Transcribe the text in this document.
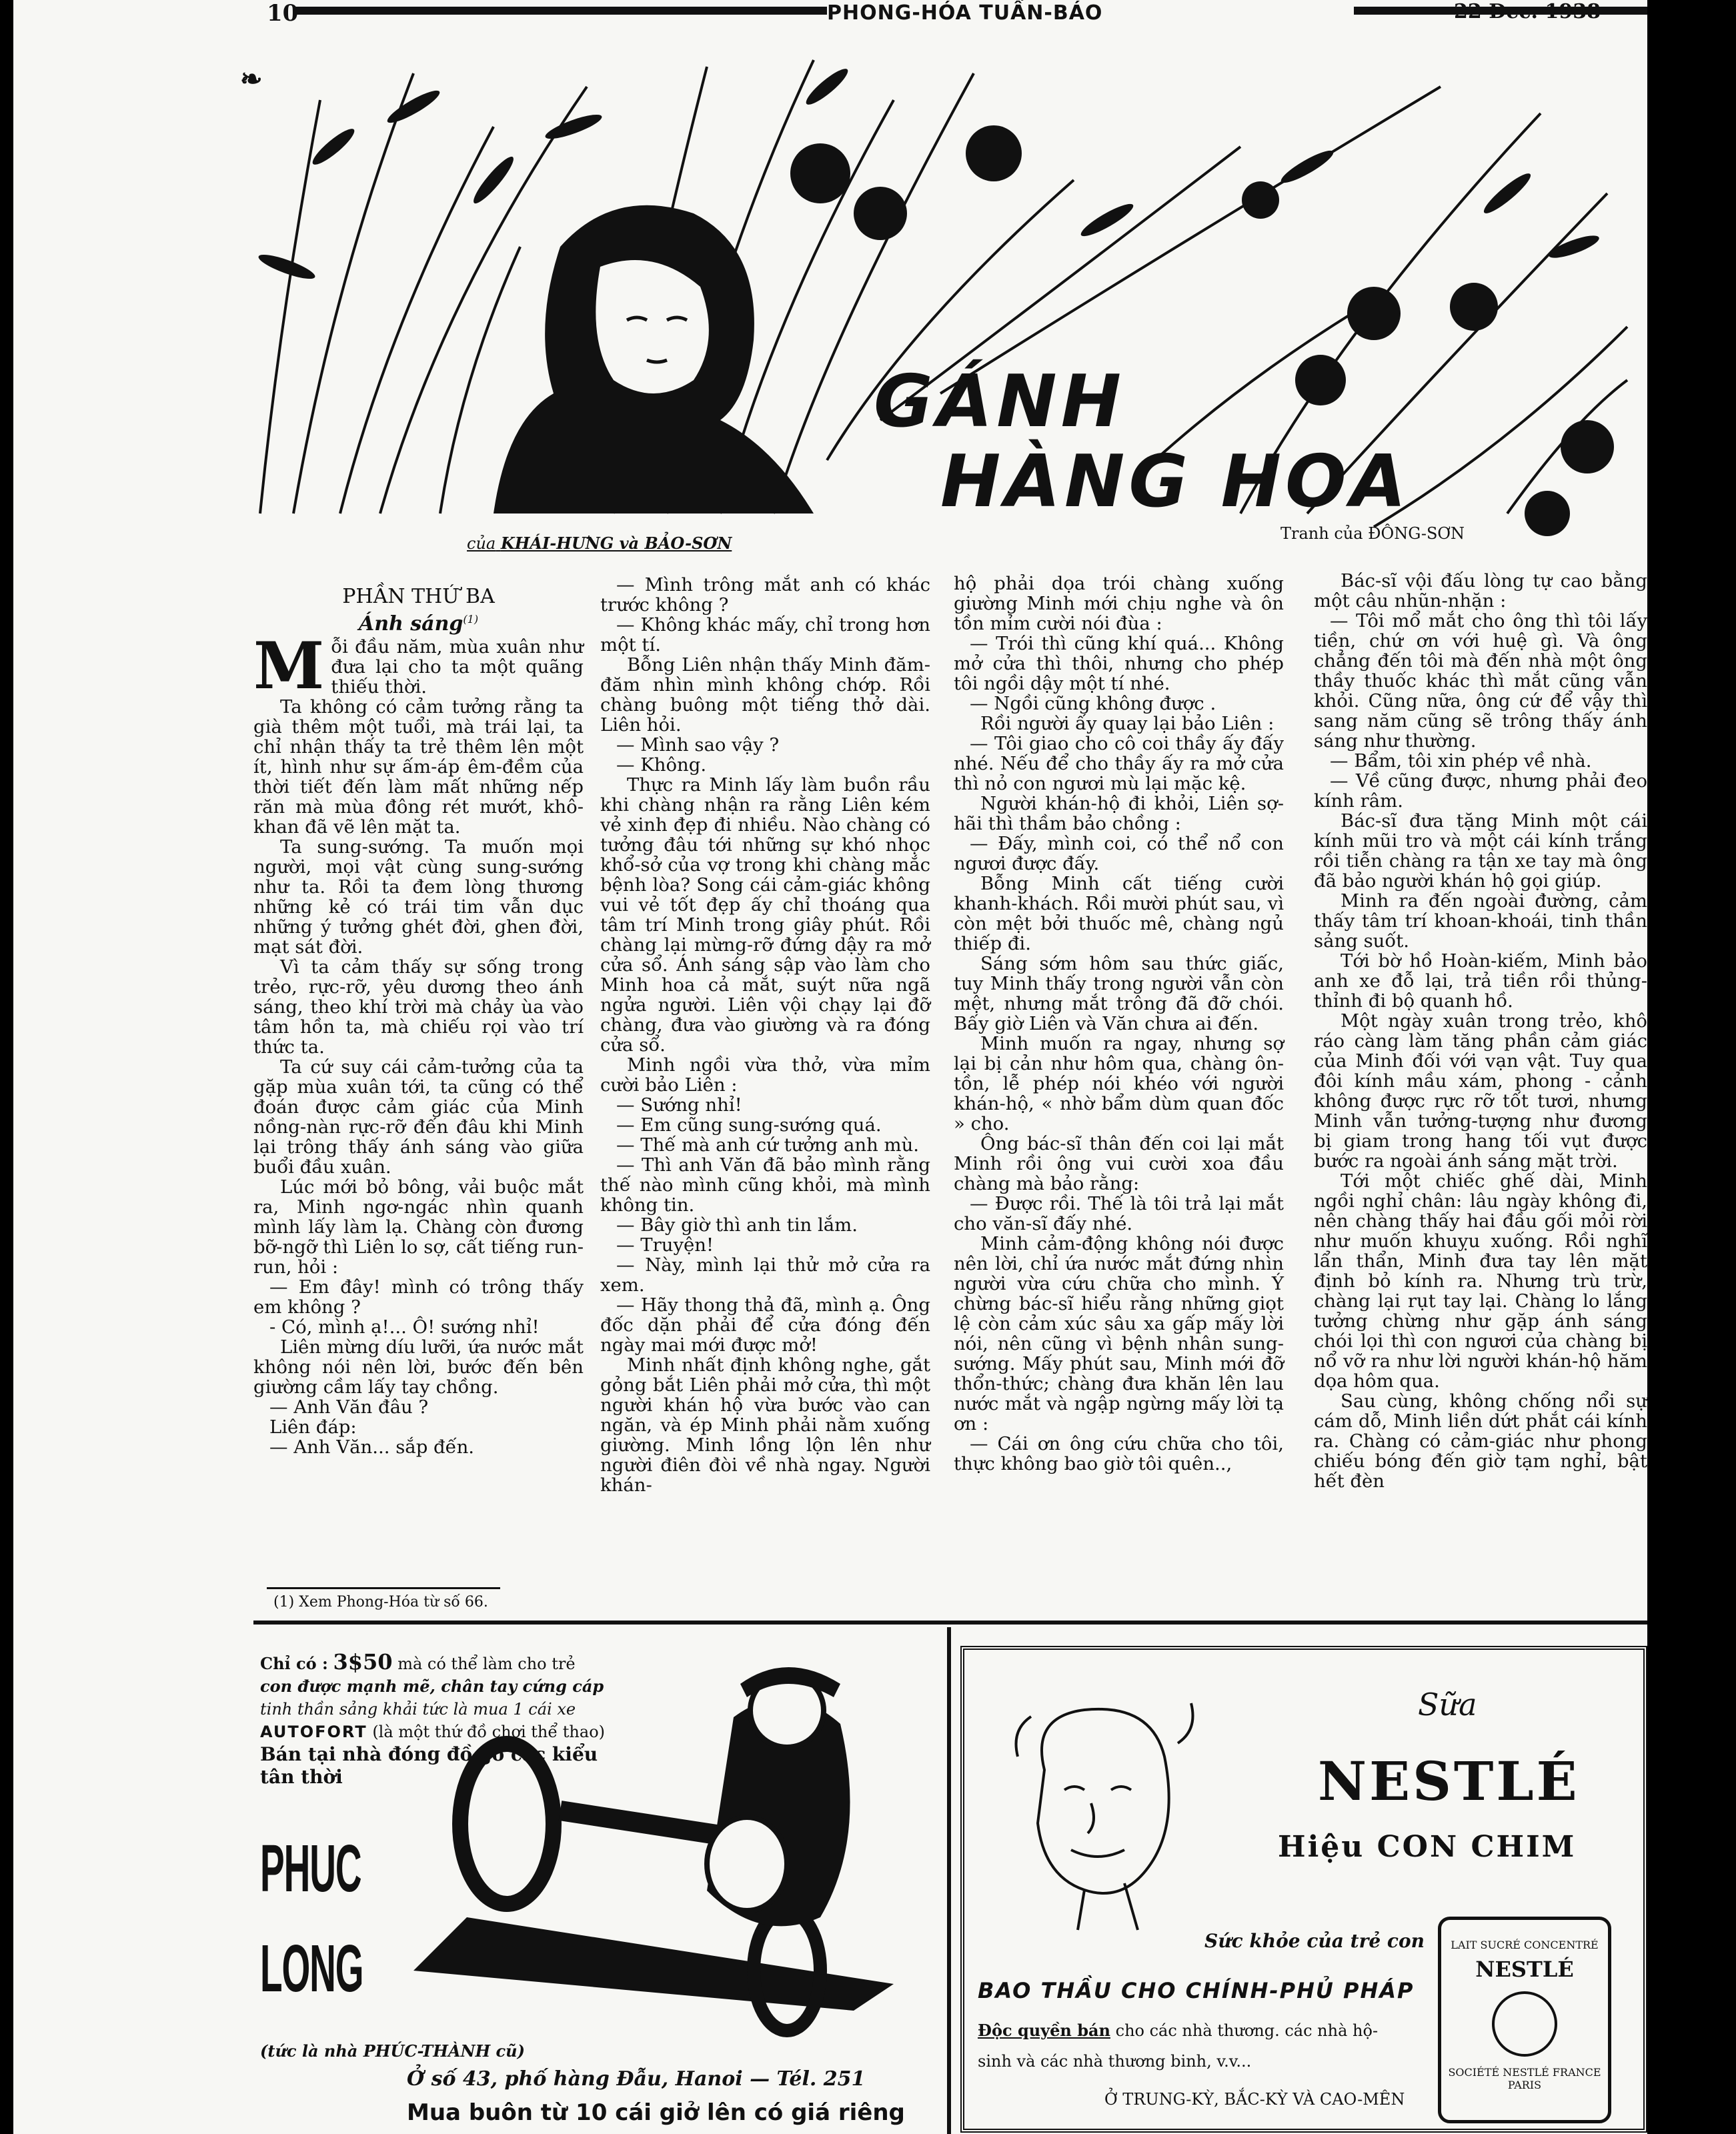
10	PHONG-HÓA TUẦN-BÁO	22 Dec. 1938
❧
GÁNH
HÀNG HOA
của KHÁI-HƯNG và BẢO-SƠN	Tranh của ĐÔNG-SƠN
PHẦN THỨ BA
Ánh sáng$^{(1)}$

Mỗi đầu năm, mùa xuân như đưa lại cho ta một quãng thiếu thời.

Ta không có cảm tưởng rằng ta già thêm một tuổi, mà trái lại, ta chỉ nhận thấy ta trẻ thêm lên một ít, hình như sự ấm-áp êm-đềm của thời tiết đến làm mất những nếp răn mà mùa đông rét mướt, khô-khan đã vẽ lên mặt ta.

Ta sung-sướng. Ta muốn mọi người, mọi vật cùng sung-sướng như ta. Rồi ta đem lòng thương những kẻ có trái tim vẫn dục những ý tưởng ghét đời, ghen đời, mạt sát đời.

Vì ta cảm thấy sự sống trong trẻo, rực-rỡ, yêu dương theo ánh sáng, theo khí trời mà chảy ùa vào tâm hồn ta, mà chiếu rọi vào trí thức ta.

Ta cứ suy cái cảm-tưởng của ta gặp mùa xuân tới, ta cũng có thể đoán được cảm giác của Minh nồng-nàn rực-rỡ đến đâu khi Minh lại trông thấy ánh sáng vào giữa buổi đầu xuân.

Lúc mới bỏ bông, vải buộc mắt ra, Minh ngơ-ngác nhìn quanh mình lấy làm lạ. Chàng còn đương bỡ-ngỡ thì Liên lo sợ, cất tiếng run-run, hỏi :

— Em đây! mình có trông thấy em không ?

- Có, mình ạ!... Ô! sướng nhỉ!

Liên mừng díu lưỡi, ứa nước mắt không nói nên lời, bước đến bên giường cầm lấy tay chồng.

— Anh Văn đâu ?

Liên đáp:

— Anh Văn... sắp đến.

— Mình trông mắt anh có khác trước không ?

— Không khác mấy, chỉ trong hơn một tí.

Bỗng Liên nhận thấy Minh đăm-đăm nhìn mình không chớp. Rồi chàng buông một tiếng thở dài. Liên hỏi.

— Mình sao vậy ?

— Không.

Thực ra Minh lấy làm buồn rầu khi chàng nhận ra rằng Liên kém vẻ xinh đẹp đi nhiều. Nào chàng có tưởng đâu tới những sự khó nhọc khổ-sở của vợ trong khi chàng mắc bệnh lòa? Song cái cảm-giác không vui vẻ tốt đẹp ấy chỉ thoáng qua tâm trí Minh trong giây phút. Rồi chàng lại mừng-rỡ đứng dậy ra mở cửa sổ. Ánh sáng sập vào làm cho Minh hoa cả mắt, suýt nữa ngã ngửa người. Liên vội chạy lại đỡ chàng, đưa vào giường và ra đóng cửa sổ.

Minh ngồi vừa thở, vừa mỉm cười bảo Liên :

— Sướng nhỉ!

— Em cũng sung-sướng quá.

— Thế mà anh cứ tưởng anh mù.

— Thì anh Văn đã bảo mình rằng thế nào mình cũng khỏi, mà mình không tin.

— Bây giờ thì anh tin lắm.

— Truyện!

— Này, mình lại thử mở cửa ra xem.

— Hãy thong thả đã, mình ạ. Ông đốc dặn phải để cửa đóng đến ngày mai mới được mở!

Minh nhất định không nghe, gắt gỏng bắt Liên phải mở cửa, thì một người khán hộ vừa bước vào can ngăn, và ép Minh phải nằm xuống giường. Minh lồng lộn lên như người điên đòi về nhà ngay. Người khán-

hộ phải dọa trói chàng xuống giường Minh mới chịu nghe và ôn tồn mỉm cười nói đùa :

— Trói thì cũng khí quá... Không mở cửa thì thôi, nhưng cho phép tôi ngồi dậy một tí nhé.

— Ngồi cũng không được .

Rồi người ấy quay lại bảo Liên :

— Tôi giao cho cô coi thầy ấy đấy nhé. Nếu để cho thầy ấy ra mở cửa thì nỏ con ngươi mù lại mặc kệ.

Người khán-hộ đi khỏi, Liên sợ-hãi thì thầm bảo chồng :

— Đấy, mình coi, có thể nổ con ngươi được đấy.

Bỗng Minh cất tiếng cười khanh-khách. Rồi mười phút sau, vì còn mệt bởi thuốc mê, chàng ngủ thiếp đi.

Sáng sớm hôm sau thức giấc, tuy Minh thấy trong người vẫn còn mệt, nhưng mắt trông đã đỡ chói. Bấy giờ Liên và Văn chưa ai đến.

Minh muốn ra ngay, nhưng sợ lại bị cản như hôm qua, chàng ôn-tồn, lễ phép nói khéo với người khán-hộ, « nhờ bẩm dùm quan đốc » cho.

Ông bác-sĩ thân đến coi lại mắt Minh rồi ông vui cười xoa đầu chàng mà bảo rằng:

— Được rồi. Thế là tôi trả lại mắt cho văn-sĩ đấy nhé.

Minh cảm-động không nói được nên lời, chỉ ứa nước mắt đứng nhìn người vừa cứu chữa cho mình. Ý chừng bác-sĩ hiểu rằng những giọt lệ còn cảm xúc sâu xa gấp mấy lời nói, nên cũng vì bệnh nhân sung-sướng. Mấy phút sau, Minh mới đỡ thổn-thức; chàng đưa khăn lên lau nước mắt và ngập ngừng mấy lời tạ ơn :

— Cái ơn ông cứu chữa cho tôi, thực không bao giờ tôi quên..,

Bác-sĩ vội đấu lòng tự cao bằng một câu nhũn-nhặn :

— Tôi mổ mắt cho ông thì tôi lấy tiền, chứ ơn với huệ gì. Và ông chẳng đến tôi mà đến nhà một ông thầy thuốc khác thì mắt cũng vẫn khỏi. Cũng nữa, ông cứ để vậy thì sang năm cũng sẽ trông thấy ánh sáng như thường.

— Bẩm, tôi xin phép về nhà.

— Về cũng được, nhưng phải đeo kính râm.

Bác-sĩ đưa tặng Minh một cái kính mũi tro và một cái kính trắng rồi tiễn chàng ra tận xe tay mà ông đã bảo người khán hộ gọi giúp.

Minh ra đến ngoài đường, cảm thấy tâm trí khoan-khoái, tinh thần sảng suốt.

Tới bờ hồ Hoàn-kiếm, Minh bảo anh xe đỗ lại, trả tiền rồi thủng-thỉnh đi bộ quanh hồ.

Một ngày xuân trong trẻo, khô ráo càng làm tăng phần cảm giác của Minh đối với vạn vật. Tuy qua đôi kính mầu xám, phong - cảnh không được rực rỡ tốt tươi, nhưng Minh vẫn tưởng-tượng như đương bị giam trong hang tối vụt được bước ra ngoài ánh sáng mặt trời.

Tới một chiếc ghế dài, Minh ngồi nghỉ chân: lâu ngày không đi, nên chàng thấy hai đầu gối mỏi rời như muốn khuỵu xuống. Rồi nghĩ lẩn thẩn, Minh đưa tay lên mặt định bỏ kính ra. Nhưng trù trừ, chàng lại rụt tay lại. Chàng lo lắng tưởng chừng như gặp ánh sáng chói lọi thì con ngươi của chàng bị nổ vỡ ra như lời người khán-hộ hăm dọa hôm qua.

Sau cùng, không chống nổi sự cám dỗ, Minh liền dứt phắt cái kính ra. Chàng có cảm-giác như phong chiếu bóng đến giờ tạm nghỉ, bật hết đèn

(1) Xem Phong-Hóa từ số 66.
Chỉ có : 3$50 mà có thể làm cho trẻ
con được mạnh mẽ, chân tay cứng cáp
tinh thần sảng khải tức là mua 1 cái xe
AUTOFORT (là một thứ đồ chơi thể thao)
Bán tại nhà đóng đồ gỗ các kiểu tân thời
PHUC
LONG
(tức là nhà PHÚC-THÀNH cũ)
Ở số 43, phố hàng Đẫu, Hanoi — Tél. 251
Mua buôn từ 10 cái giở lên có giá riêng
Sữa
NESTLÉ
Hiệu CON CHIM
Sức khỏe của trẻ con
BAO THẦU CHO CHÍNH-PHỦ PHÁP
Độc quyền bán cho các nhà thương. các nhà hộ-sinh và các nhà thương binh, v.v...
Ở TRUNG-KỲ, BẮC-KỲ VÀ CAO-MÊN
LAIT SUCRÉ CONCENTRÉ
NESTLÉ
SOCIÉTÉ NESTLÉ FRANCE
PARIS
